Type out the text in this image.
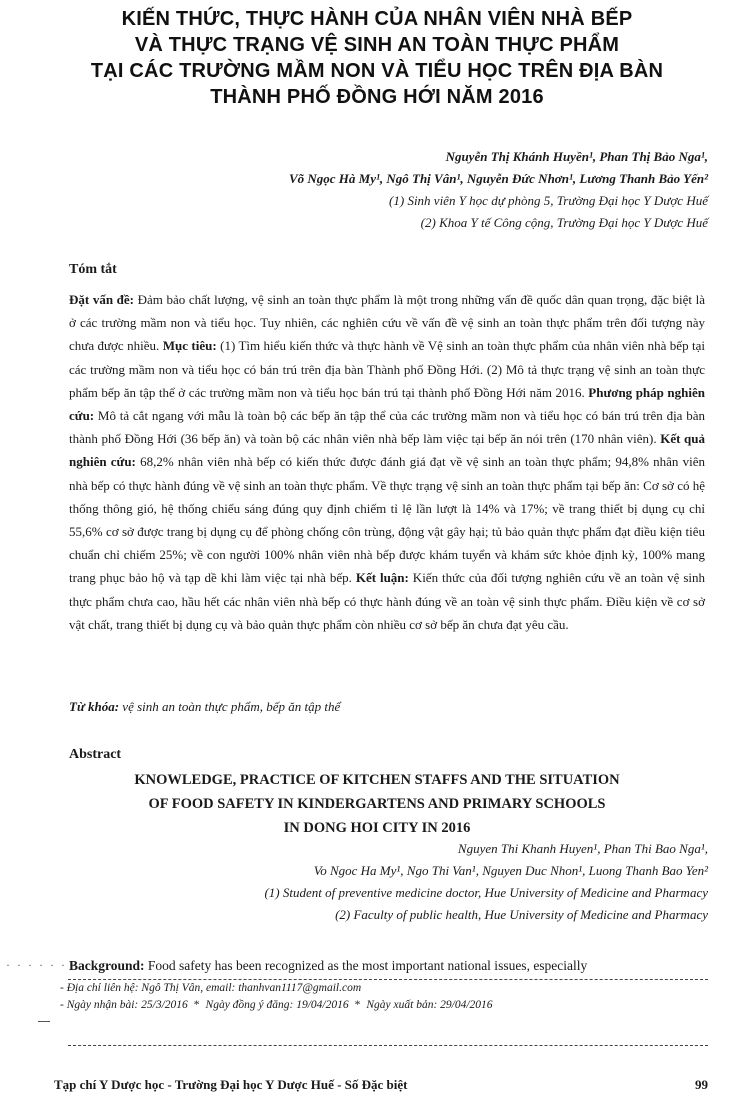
KIẾN THỨC, THỰC HÀNH CỦA NHÂN VIÊN NHÀ BẾP
VÀ THỰC TRẠNG VỆ SINH AN TOÀN THỰC PHẨM
TẠI CÁC TRƯỜNG MẦM NON VÀ TIỂU HỌC TRÊN ĐỊA BÀN
THÀNH PHỐ ĐỒNG HỚI NĂM 2016
Nguyễn Thị Khánh Huyền¹, Phan Thị Bảo Nga¹,
Võ Ngọc Hà My¹, Ngô Thị Vân¹, Nguyễn Đức Nhơn¹, Lương Thanh Bảo Yến²
(1) Sinh viên Y học dự phòng 5, Trường Đại học Y Dược Huế
(2) Khoa Y tế Công cộng, Trường Đại học Y Dược Huế
Tóm tắt
Đặt vấn đề: Đảm bảo chất lượng, vệ sinh an toàn thực phẩm là một trong những vấn đề quốc dân quan trọng, đặc biệt là ở các trường mầm non và tiểu học. Tuy nhiên, các nghiên cứu về vấn đề vệ sinh an toàn thực phẩm trên đối tượng này chưa được nhiều. Mục tiêu: (1) Tìm hiểu kiến thức và thực hành về Vệ sinh an toàn thực phẩm của nhân viên nhà bếp tại các trường mầm non và tiểu học có bán trú trên địa bàn Thành phố Đồng Hới. (2) Mô tả thực trạng vệ sinh an toàn thực phẩm bếp ăn tập thể ở các trường mầm non và tiểu học bán trú tại thành phố Đồng Hới năm 2016. Phương pháp nghiên cứu: Mô tả cắt ngang với mẫu là toàn bộ các bếp ăn tập thể của các trường mầm non và tiểu học có bán trú trên địa bàn thành phố Đồng Hới (36 bếp ăn) và toàn bộ các nhân viên nhà bếp làm việc tại bếp ăn nói trên (170 nhân viên). Kết quả nghiên cứu: 68,2% nhân viên nhà bếp có kiến thức được đánh giá đạt về vệ sinh an toàn thực phẩm; 94,8% nhân viên nhà bếp có thực hành đúng về vệ sinh an toàn thực phẩm. Về thực trạng vệ sinh an toàn thực phẩm tại bếp ăn: Cơ sở có hệ thống thông gió, hệ thống chiếu sáng đúng quy định chiếm tỉ lệ lần lượt là 14% và 17%; về trang thiết bị dụng cụ chỉ 55,6% cơ sở được trang bị dụng cụ để phòng chống côn trùng, động vật gây hại; tủ bảo quản thực phẩm đạt điều kiện tiêu chuẩn chỉ chiếm 25%; về con người 100% nhân viên nhà bếp được khám tuyển và khám sức khỏe định kỳ, 100% mang trang phục bảo hộ và tạp dề khi làm việc tại nhà bếp. Kết luận: Kiến thức của đối tượng nghiên cứu về an toàn vệ sinh thực phẩm chưa cao, hầu hết các nhân viên nhà bếp có thực hành đúng về an toàn vệ sinh thực phẩm. Điều kiện về cơ sở vật chất, trang thiết bị dụng cụ và bảo quản thực phẩm còn nhiều cơ sở bếp ăn chưa đạt yêu cầu.
Từ khóa: vệ sinh an toàn thực phẩm, bếp ăn tập thể
Abstract
KNOWLEDGE, PRACTICE OF KITCHEN STAFFS AND THE SITUATION
OF FOOD SAFETY IN KINDERGARTENS AND PRIMARY SCHOOLS
IN DONG HOI CITY IN 2016
Nguyen Thi Khanh Huyen¹, Phan Thi Bao Nga¹,
Vo Ngoc Ha My¹, Ngo Thi Van¹, Nguyen Duc Nhon¹, Luong Thanh Bao Yen²
(1) Student of preventive medicine doctor, Hue University of Medicine and Pharmacy
(2) Faculty of public health, Hue University of Medicine and Pharmacy
· · · · · · ·
Background: Food safety has been recognized as the most important national issues, especially
- Địa chỉ liên hệ: Ngô Thị Vân, email: thanhvan1117@gmail.com
- Ngày nhận bài: 25/3/2016 * Ngày đồng ý đăng: 19/04/2016 * Ngày xuất bản: 29/04/2016
Tạp chí Y Dược học - Trường Đại học Y Dược Huế - Số Đặc biệt	99
